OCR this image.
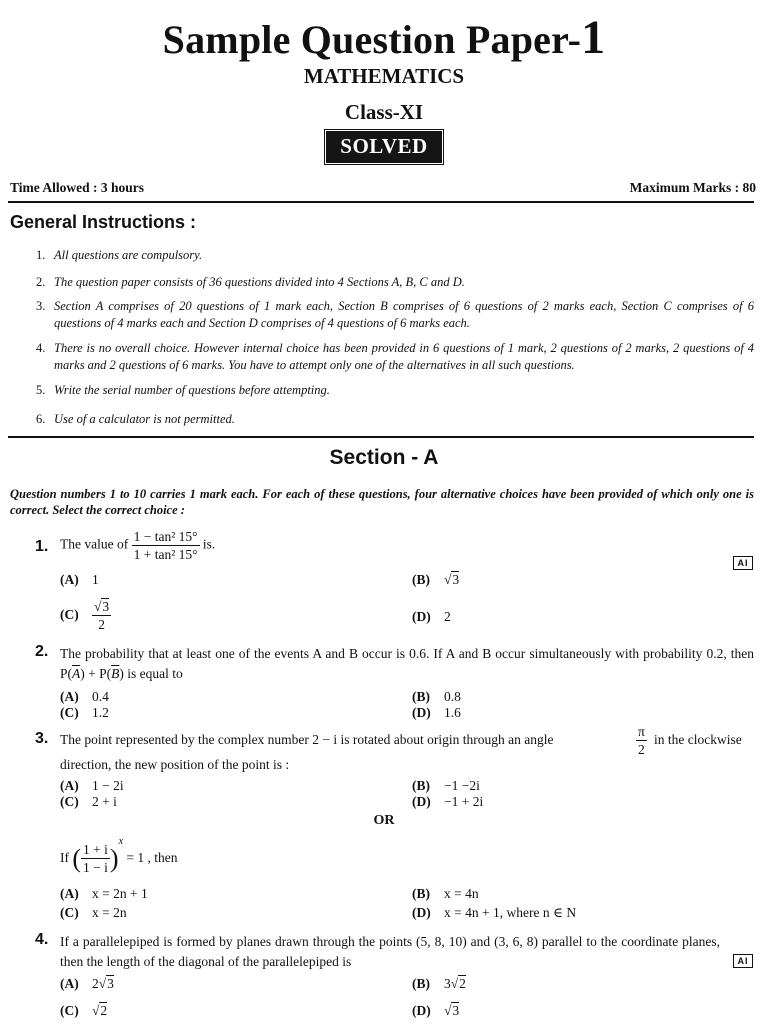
Sample Question Paper-1
MATHEMATICS
Class-XI
SOLVED
Time Allowed : 3 hours	Maximum Marks : 80
General Instructions :
1. All questions are compulsory.
2. The question paper consists of 36 questions divided into 4 Sections A, B, C and D.
3. Section A comprises of 20 questions of 1 mark each, Section B comprises of 6 questions of 2 marks each, Section C comprises of 6 questions of 4 marks each and Section D comprises of 4 questions of 6 marks each.
4. There is no overall choice. However internal choice has been provided in 6 questions of 1 mark, 2 questions of 2 marks, 2 questions of 4 marks and 2 questions of 6 marks. You have to attempt only one of the alternatives in all such questions.
5. Write the serial number of questions before attempting.
6. Use of a calculator is not permitted.
Section - A
Question numbers 1 to 10 carries 1 mark each. For each of these questions, four alternative choices have been provided of which only one is correct. Select the correct choice :
1. The value of $\frac{\text{1 − tan² 15°}}{\text{1 + tan² 15°}}$ is.
AI
(A) 1	(B) √3
$(C) \frac{√3}{2}$	(D) 2
2. The probability that at least one of the events A and B occur is 0.6. If A and B occur simultaneously with probability 0.2, then $P(\overline{A}) + P(\overline{B})$ is equal to
(A) 0.4	(B) 0.8
(C) 1.2	(D) 1.6
3. The point represented by the complex number 2 − i is rotated about origin through an angle	$\frac{\pi}{2}$ in the clockwise
direction, the new position of the point is :
(A) 1 − 2i	(B) −1 −2i
(C) 2 + i	(D) −1 + 2i
OR
If ( $\frac{1 + i}{1 - i} )^x = 1$ , then
(A) x = 2n + 1	(B) x = 4n
(C) x = 2n	(D) x = 4n + 1, where n ∈ N
4. If a parallelepiped is formed by planes drawn through the points (5, 8, 10) and (3, 6, 8) parallel to the coordinate planes, then the length of the diagonal of the parallelepiped is	AI
(A) 2√3	(B) 3√2
(C) √2	(D) √3
